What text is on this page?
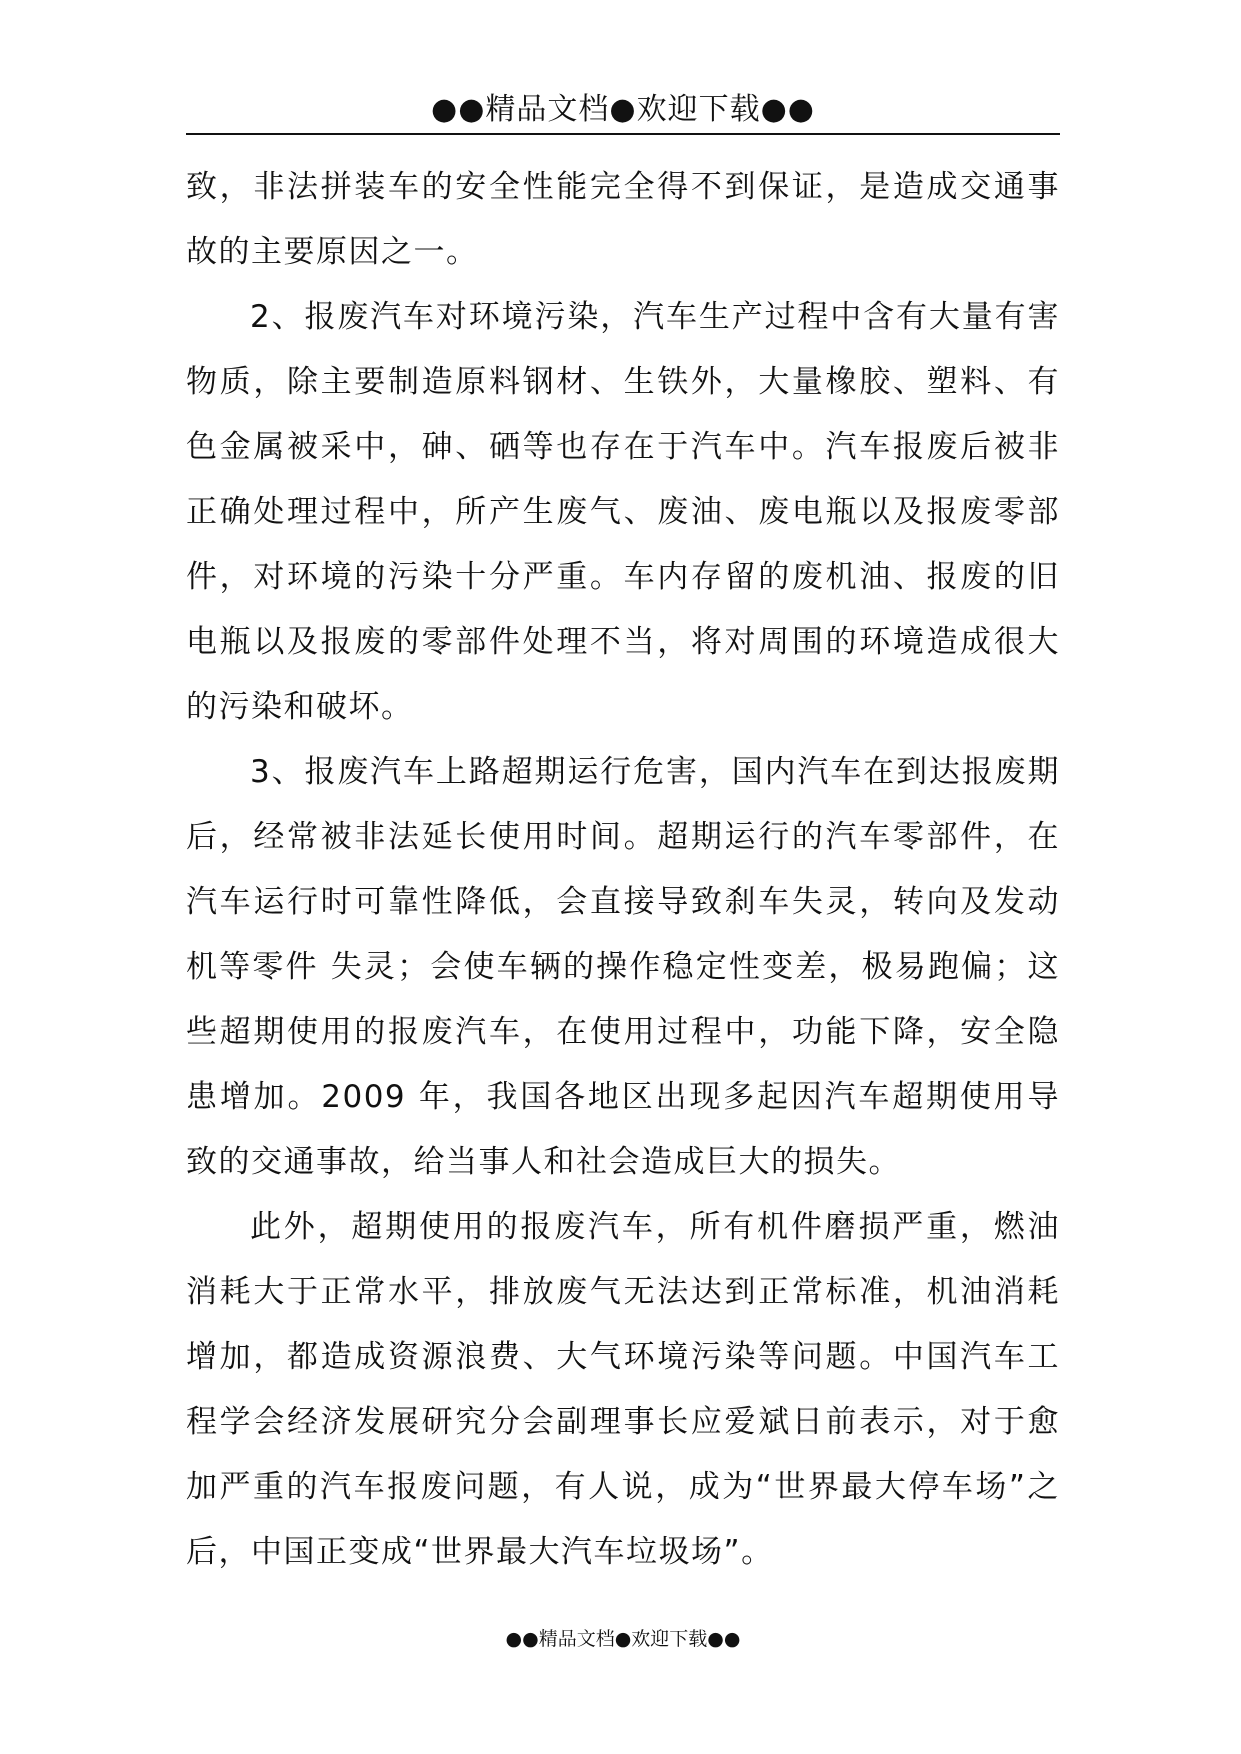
●●精品文档●欢迎下载●●

致，非法拼装车的安全性能完全得不到保证，是造成交通事故的主要原因之一。

2、报废汽车对环境污染，汽车生产过程中含有大量有害物质，除主要制造原料钢材、生铁外，大量橡胶、塑料、有色金属被采中，砷、硒等也存在于汽车中。汽车报废后被非正确处理过程中，所产生废气、废油、废电瓶以及报废零部件，对环境的污染十分严重。车内存留的废机油、报废的旧电瓶以及报废的零部件处理不当，将对周围的环境造成很大的污染和破坏。

3、报废汽车上路超期运行危害，国内汽车在到达报废期后，经常被非法延长使用时间。超期运行的汽车零部件，在汽车运行时可靠性降低，会直接导致刹车失灵，转向及发动机等零件 失灵；会使车辆的操作稳定性变差，极易跑偏；这些超期使用的报废汽车，在使用过程中，功能下降，安全隐患增加。2009 年，我国各地区出现多起因汽车超期使用导致的交通事故，给当事人和社会造成巨大的损失。

此外，超期使用的报废汽车，所有机件磨损严重，燃油消耗大于正常水平，排放废气无法达到正常标准，机油消耗增加，都造成资源浪费、大气环境污染等问题。中国汽车工程学会经济发展研究分会副理事长应爱斌日前表示，对于愈加严重的汽车报废问题，有人说，成为“世界最大停车场”之后，中国正变成“世界最大汽车垃圾场”。

●●精品文档●欢迎下载●●
